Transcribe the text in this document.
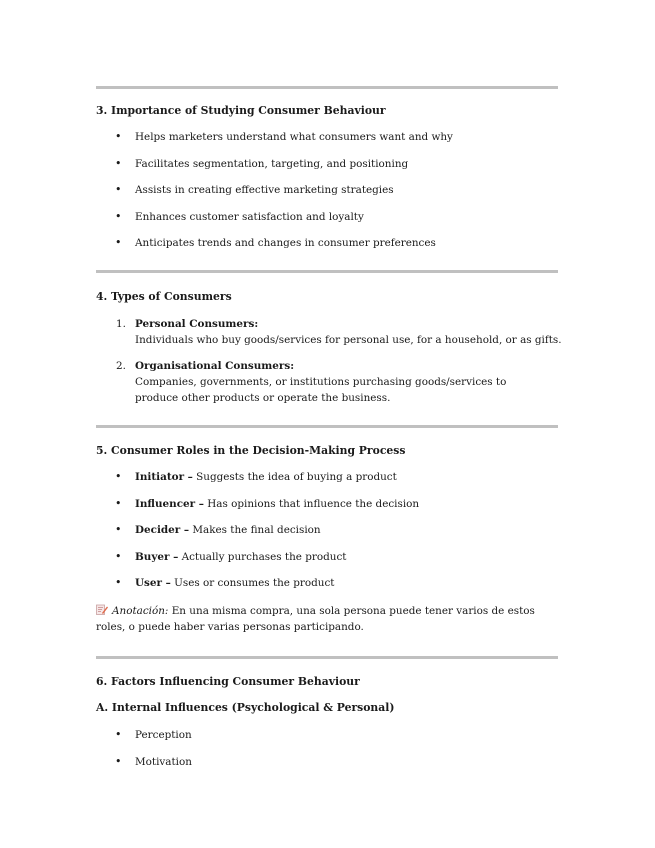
3. Importance of Studying Consumer Behaviour
• Helps marketers understand what consumers want and why
• Facilitates segmentation, targeting, and positioning
• Assists in creating effective marketing strategies
• Enhances customer satisfaction and loyalty
• Anticipates trends and changes in consumer preferences
4. Types of Consumers
1. Personal Consumers:
Individuals who buy goods/services for personal use, for a household, or as gifts.
2. Organisational Consumers:
Companies, governments, or institutions purchasing goods/services to produce other products or operate the business.
5. Consumer Roles in the Decision-Making Process
• Initiator – Suggests the idea of buying a product
• Influencer – Has opinions that influence the decision
• Decider – Makes the final decision
• Buyer – Actually purchases the product
• User – Uses or consumes the product
Anotación: En una misma compra, una sola persona puede tener varios de estos roles, o puede haber varias personas participando.
6. Factors Influencing Consumer Behaviour
A. Internal Influences (Psychological & Personal)
• Perception
• Motivation
